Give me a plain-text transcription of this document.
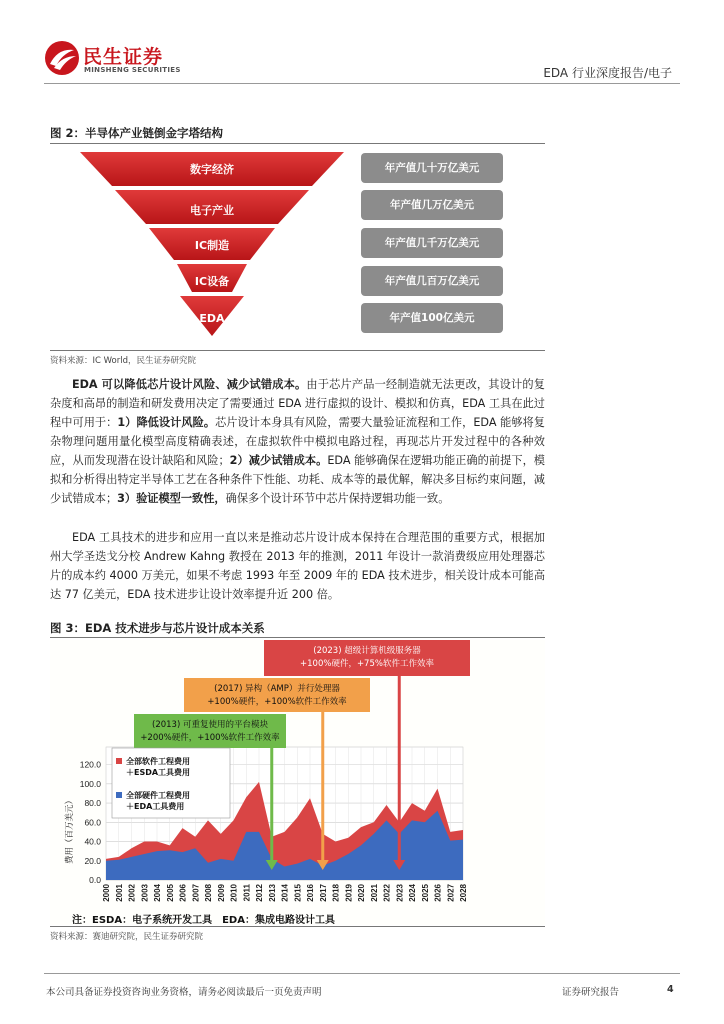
民生证券
MINSHENG SECURITIES	EDA 行业深度报告/电子
图 2：半导体产业链倒金字塔结构
数字经济
电子产业
IC制造
IC设备
EDA
年产值几十万亿美元
年产值几万亿美元
年产值几千万亿美元
年产值几百万亿美元
年产值100亿美元
资料来源：IC World，民生证券研究院
EDA 可以降低芯片设计风险、减少试错成本。由于芯片产品一经制造就无法更改，其设计的复杂度和高昂的制造和研发费用决定了需要通过 EDA 进行虚拟的设计、模拟和仿真，EDA 工具在此过程中可用于：1）降低设计风险。芯片设计本身具有风险，需要大量验证流程和工作，EDA 能够将复杂物理问题用量化模型高度精确表述，在虚拟软件中模拟电路过程，再现芯片开发过程中的各种效应，从而发现潜在设计缺陷和风险；2）减少试错成本。EDA 能够确保在逻辑功能正确的前提下，模拟和分析得出特定半导体工艺在各种条件下性能、功耗、成本等的最优解，解决多目标约束问题，减少试错成本；3）验证模型一致性，确保多个设计环节中芯片保持逻辑功能一致。
EDA 工具技术的进步和应用一直以来是推动芯片设计成本保持在合理范围的重要方式，根据加州大学圣迭戈分校 Andrew Kahng 教授在 2013 年的推测，2011 年设计一款消费级应用处理器芯片的成本约 4000 万美元，如果不考虑 1993 年至 2009 年的 EDA 技术进步，相关设计成本可能高达 77 亿美元，EDA 技术进步让设计效率提升近 200 倍。
图 3：EDA 技术进步与芯片设计成本关系
0.0
20.0
40.0
60.0
80.0
100.0
120.0
2000 2001 2002 2003 2004 2005 2006 2007 2008 2009 2010 2011 2012 2013 2014 2015 2016 2017 2018 2019 2020 2021 2022 2023 2024 2025 2026 2027 2028
(2013) 可重复使用的平台模块
+200%硬件，+100%软件工作效率
(2017) 异构（AMP）并行处理器
+100%硬件，+100%软件工作效率
(2023) 超级计算机级服务器
+100%硬件，+75%软件工作效率
全部软件工程费用
＋ESDA工具费用
全部硬件工程费用
＋EDA工具费用
费用（百万美元）
注：ESDA：电子系统开发工具　EDA：集成电路设计工具
资料来源：赛迪研究院，民生证券研究院
本公司具备证券投资咨询业务资格，请务必阅读最后一页免责声明	证券研究报告	4
